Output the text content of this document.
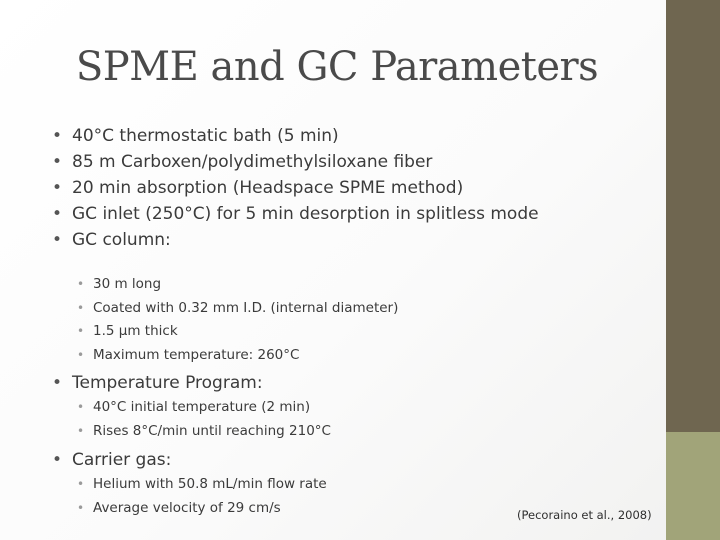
SPME and GC Parameters
• 40°C thermostatic bath (5 min)
• 85 m Carboxen/polydimethylsiloxane fiber
• 20 min absorption (Headspace SPME method)
• GC inlet (250°C) for 5 min desorption in splitless mode
• GC column:
• 30 m long
• Coated with 0.32 mm I.D. (internal diameter)
• 1.5 μm thick
• Maximum temperature: 260°C
• Temperature Program:
• 40°C initial temperature (2 min)
• Rises 8°C/min until reaching 210°C
• Carrier gas:
• Helium with 50.8 mL/min flow rate
• Average velocity of 29 cm/s	(Pecoraino et al., 2008)
